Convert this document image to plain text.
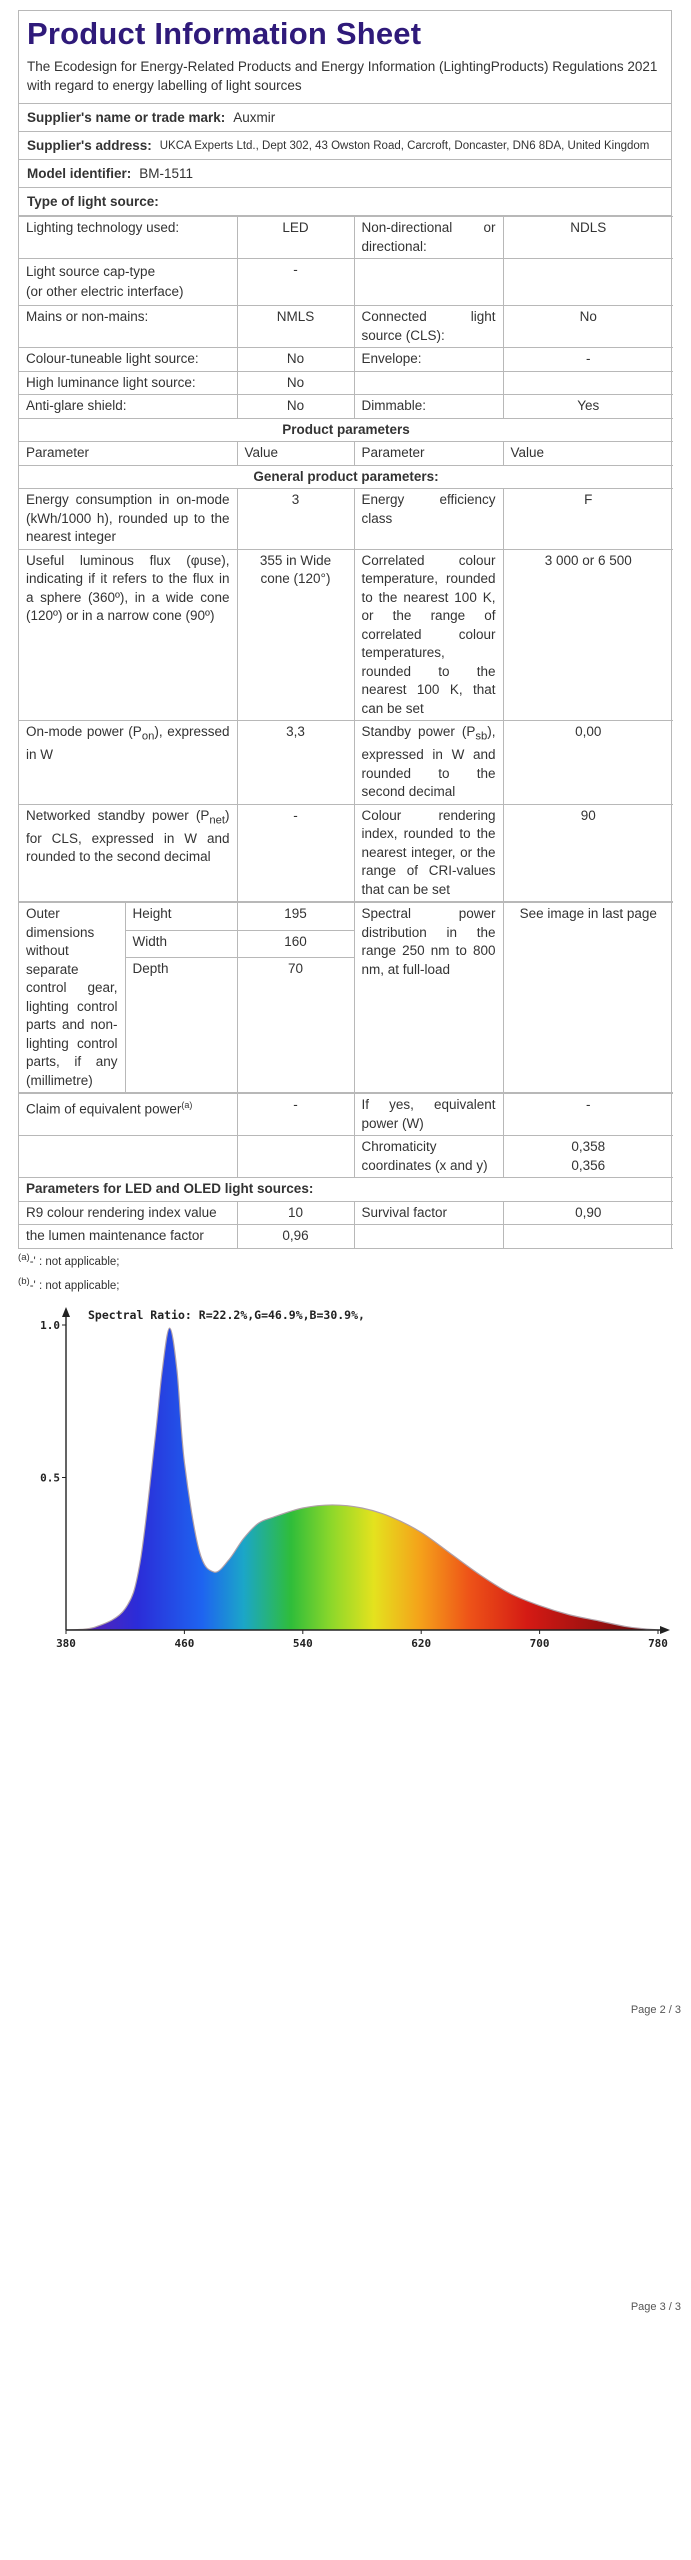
Product Information Sheet
The Ecodesign for Energy-Related Products and Energy Information (LightingProducts) Regulations 2021 with regard to energy labelling of light sources
Supplier's name or trade mark: Auxmir
Supplier's address: UKCA Experts Ltd., Dept 302, 43 Owston Road, Carcroft, Doncaster, DN6 8DA, United Kingdom
Model identifier: BM-1511
Type of light source:
Lighting technology used:	LED	Non-directional or directional:	NDLS
Light source cap-type
(or other electric interface)	-		
Mains or non-mains:	NMLS	Connected light source (CLS):	No
Colour-tuneable light source:	No	Envelope:	-
High luminance light source:	No		
Anti-glare shield:	No	Dimmable:	Yes
Product parameters			
Parameter	Value	Parameter	Value
General product parameters:			
Energy consumption in on-mode (kWh/1000 h), rounded up to the nearest integer	3	Energy efficiency class	F
Useful luminous flux (φuse), indicating if it refers to the flux in a sphere (360º), in a wide cone (120º) or in a narrow cone (90º)	355 in Wide cone (120°)	Correlated colour temperature, rounded to the nearest 100 K, or the range of correlated colour temperatures, rounded to the nearest 100 K, that can be set	3 000 or 6 500
On-mode power $(P_{on})$, expressed in W	3,3	Standby power $(P_{sb})$, expressed in W and rounded to the second decimal	0,00
Networked standby power $(P_{net})$ for CLS, expressed in W and rounded to the second decimal	-	Colour rendering index, rounded to the nearest integer, or the range of CRI-values that can be set	90
Outer dimensions without separate control gear, lighting control parts and non-lighting control parts, if any (millimetre)	Height	195	Spectral power distribution in the range 250 nm to 800 nm, at full-load	See image in last page
	Width	160		
	Depth	70		
Claim of equivalent power$^{(a)}$	-	If yes, equivalent power (W)	-
		Chromaticity coordinates (x and y)	0,358
0,356
Parameters for LED and OLED light sources:			
R9 colour rendering index value	10	Survival factor	0,90
the lumen maintenance factor	0,96		
$^{(a)}$-' : not applicable;
$^{(b)}$-' : not applicable;
380	460	540	620	700	780
0.5
1.0
Spectral Ratio: R=22.2%,G=46.9%,B=30.9%,
Page 2 / 3
Page 3 / 3
